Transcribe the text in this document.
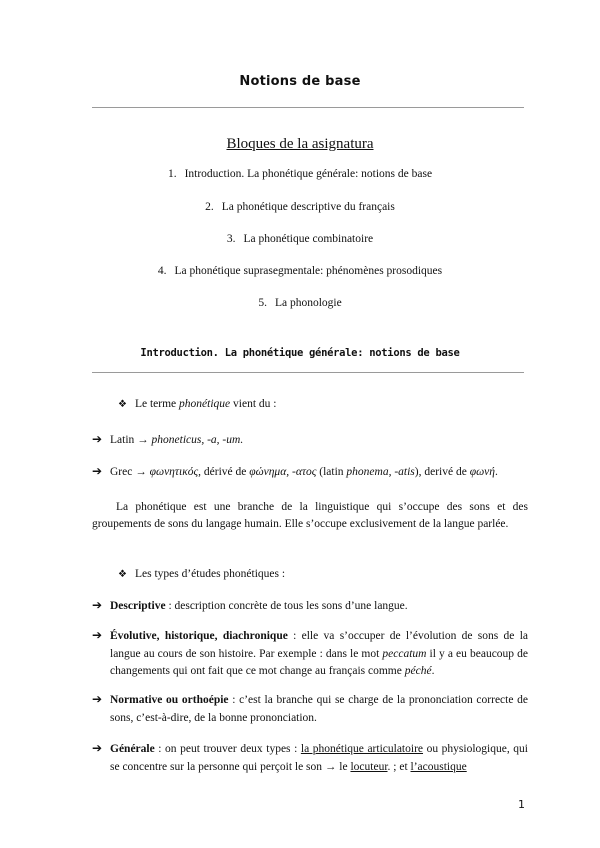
Notions de base
Bloques de la asignatura
1. Introduction. La phonétique générale: notions de base
2. La phonétique descriptive du français
3. La phonétique combinatoire
4. La phonétique suprasegmentale: phénomènes prosodiques
5. La phonologie
Introduction. La phonétique générale: notions de base
❖ Le terme phonétique vient du :
➔ Latin → phoneticus, -a, -um.
➔ Grec → φωνητικός, dérivé de φώνημα, -ατος (latin phonema, -atis), derivé de φωνή.
La phonétique est une branche de la linguistique qui s’occupe des sons et des groupements de sons du langage humain. Elle s’occupe exclusivement de la langue parlée.
❖ Les types d’études phonétiques :
➔ Descriptive : description concrète de tous les sons d’une langue.
➔ Évolutive, historique, diachronique : elle va s’occuper de l’évolution de sons de la langue au cours de son histoire. Par exemple : dans le mot peccatum il y a eu beaucoup de changements qui ont fait que ce mot change au français comme péché.
➔ Normative ou orthoépie : c’est la branche qui se charge de la prononciation correcte de sons, c’est-à-dire, de la bonne prononciation.
➔ Générale : on peut trouver deux types : la phonétique articulatoire ou physiologique, qui se concentre sur la personne qui perçoit le son → le locuteur. ; et l’acoustique
1
